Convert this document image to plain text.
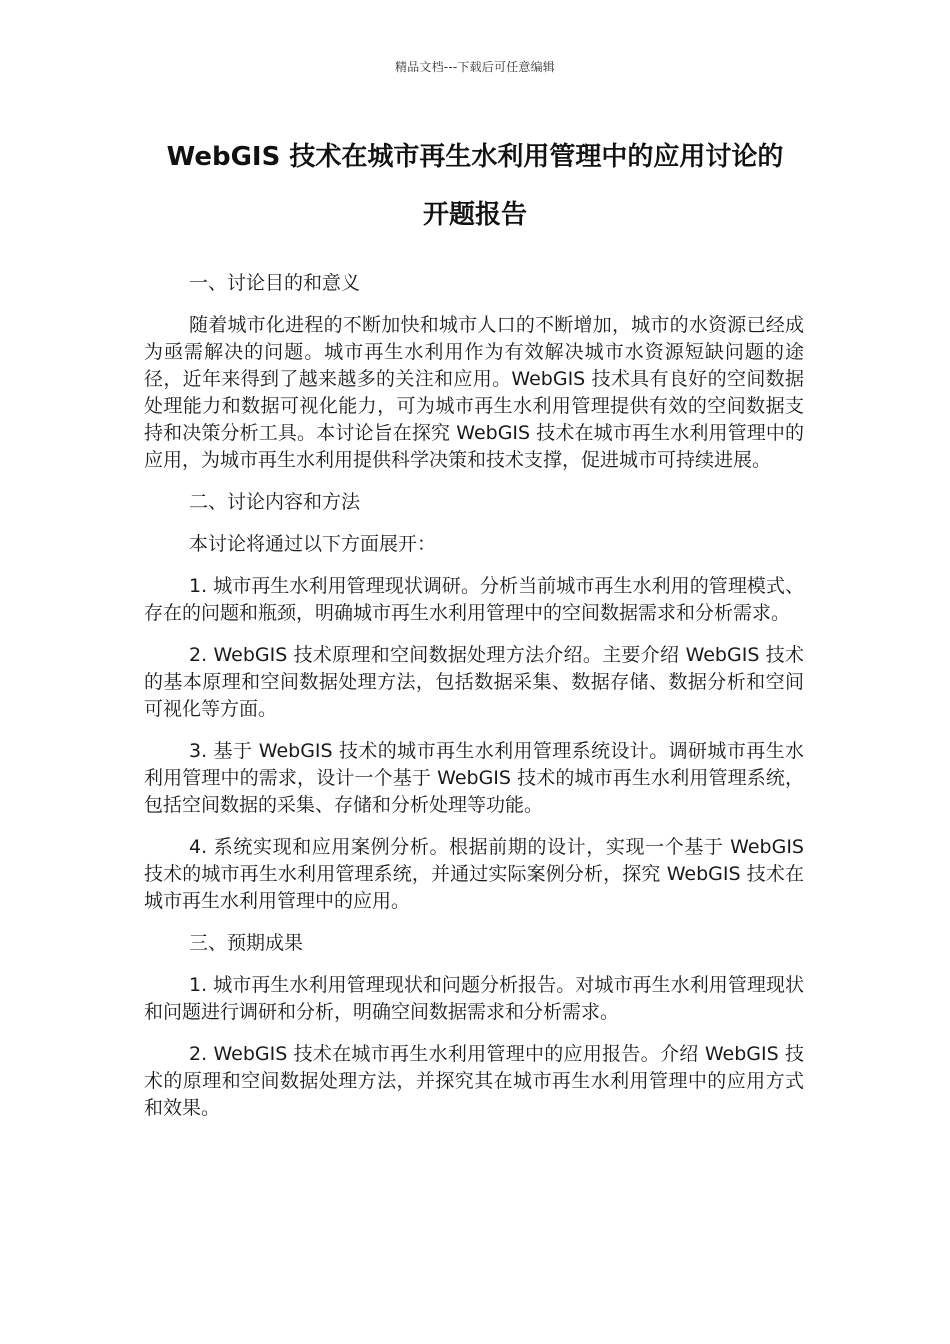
精品文档---下载后可任意编辑
WebGIS 技术在城市再生水利用管理中的应用讨论的
开题报告

一、讨论目的和意义

随着城市化进程的不断加快和城市人口的不断增加，城市的水资源已经成为亟需解决的问题。城市再生水利用作为有效解决城市水资源短缺问题的途径，近年来得到了越来越多的关注和应用。WebGIS 技术具有良好的空间数据处理能力和数据可视化能力，可为城市再生水利用管理提供有效的空间数据支持和决策分析工具。本讨论旨在探究 WebGIS 技术在城市再生水利用管理中的应用，为城市再生水利用提供科学决策和技术支撑，促进城市可持续进展。

二、讨论内容和方法

本讨论将通过以下方面展开：

1. 城市再生水利用管理现状调研。分析当前城市再生水利用的管理模式、存在的问题和瓶颈，明确城市再生水利用管理中的空间数据需求和分析需求。

2. WebGIS 技术原理和空间数据处理方法介绍。主要介绍 WebGIS 技术的基本原理和空间数据处理方法，包括数据采集、数据存储、数据分析和空间可视化等方面。

3. 基于 WebGIS 技术的城市再生水利用管理系统设计。调研城市再生水利用管理中的需求，设计一个基于 WebGIS 技术的城市再生水利用管理系统，包括空间数据的采集、存储和分析处理等功能。

4. 系统实现和应用案例分析。根据前期的设计，实现一个基于 WebGIS 技术的城市再生水利用管理系统，并通过实际案例分析，探究 WebGIS 技术在城市再生水利用管理中的应用。

三、预期成果

1. 城市再生水利用管理现状和问题分析报告。对城市再生水利用管理现状和问题进行调研和分析，明确空间数据需求和分析需求。

2. WebGIS 技术在城市再生水利用管理中的应用报告。介绍 WebGIS 技术的原理和空间数据处理方法，并探究其在城市再生水利用管理中的应用方式和效果。
